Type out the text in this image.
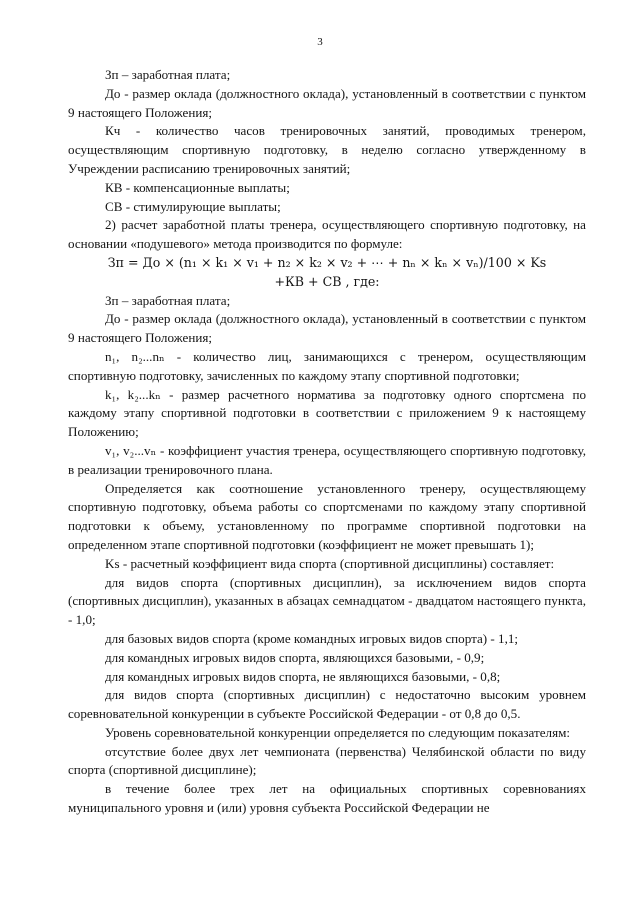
3

Зп – заработная плата;

До - размер оклада (должностного оклада), установленный в соответствии с пунктом 9 настоящего Положения;

Кч - количество часов тренировочных занятий, проводимых тренером, осуществляющим спортивную подготовку, в неделю согласно утвержденному в Учреждении расписанию тренировочных занятий;

КВ - компенсационные выплаты;

СВ - стимулирующие выплаты;

2) расчет заработной платы тренера, осуществляющего спортивную подготовку, на основании «подушевого» метода производится по формуле:

Зп = До × (n₁ × k₁ × v₁ + n₂ × k₂ × v₂ + ⋯ + nₙ × kₙ × vₙ)/100 × Ks
+КВ + СВ , где:

Зп – заработная плата;

До - размер оклада (должностного оклада), установленный в соответствии с пунктом 9 настоящего Положения;

n₁, n₂...nₙ - количество лиц, занимающихся с тренером, осуществляющим спортивную подготовку, зачисленных по каждому этапу спортивной подготовки;

k₁, k₂...kₙ - размер расчетного норматива за подготовку одного спортсмена по каждому этапу спортивной подготовки в соответствии с приложением 9 к настоящему Положению;

v₁, v₂...vₙ - коэффициент участия тренера, осуществляющего спортивную подготовку, в реализации тренировочного плана.

Определяется как соотношение установленного тренеру, осуществляющему спортивную подготовку, объема работы со спортсменами по каждому этапу спортивной подготовки к объему, установленному по программе спортивной подготовки на определенном этапе спортивной подготовки (коэффициент не может превышать 1);

Ks - расчетный коэффициент вида спорта (спортивной дисциплины) составляет:

для видов спорта (спортивных дисциплин), за исключением видов спорта (спортивных дисциплин), указанных в абзацах семнадцатом - двадцатом настоящего пункта, - 1,0;

для базовых видов спорта (кроме командных игровых видов спорта) - 1,1;

для командных игровых видов спорта, являющихся базовыми, - 0,9;

для командных игровых видов спорта, не являющихся базовыми, - 0,8;

для видов спорта (спортивных дисциплин) с недостаточно высоким уровнем соревновательной конкуренции в субъекте Российской Федерации - от 0,8 до 0,5.

Уровень соревновательной конкуренции определяется по следующим показателям:

отсутствие более двух лет чемпионата (первенства) Челябинской области по виду спорта (спортивной дисциплине);

в течение более трех лет на официальных спортивных соревнованиях муниципального уровня и (или) уровня субъекта Российской Федерации не
